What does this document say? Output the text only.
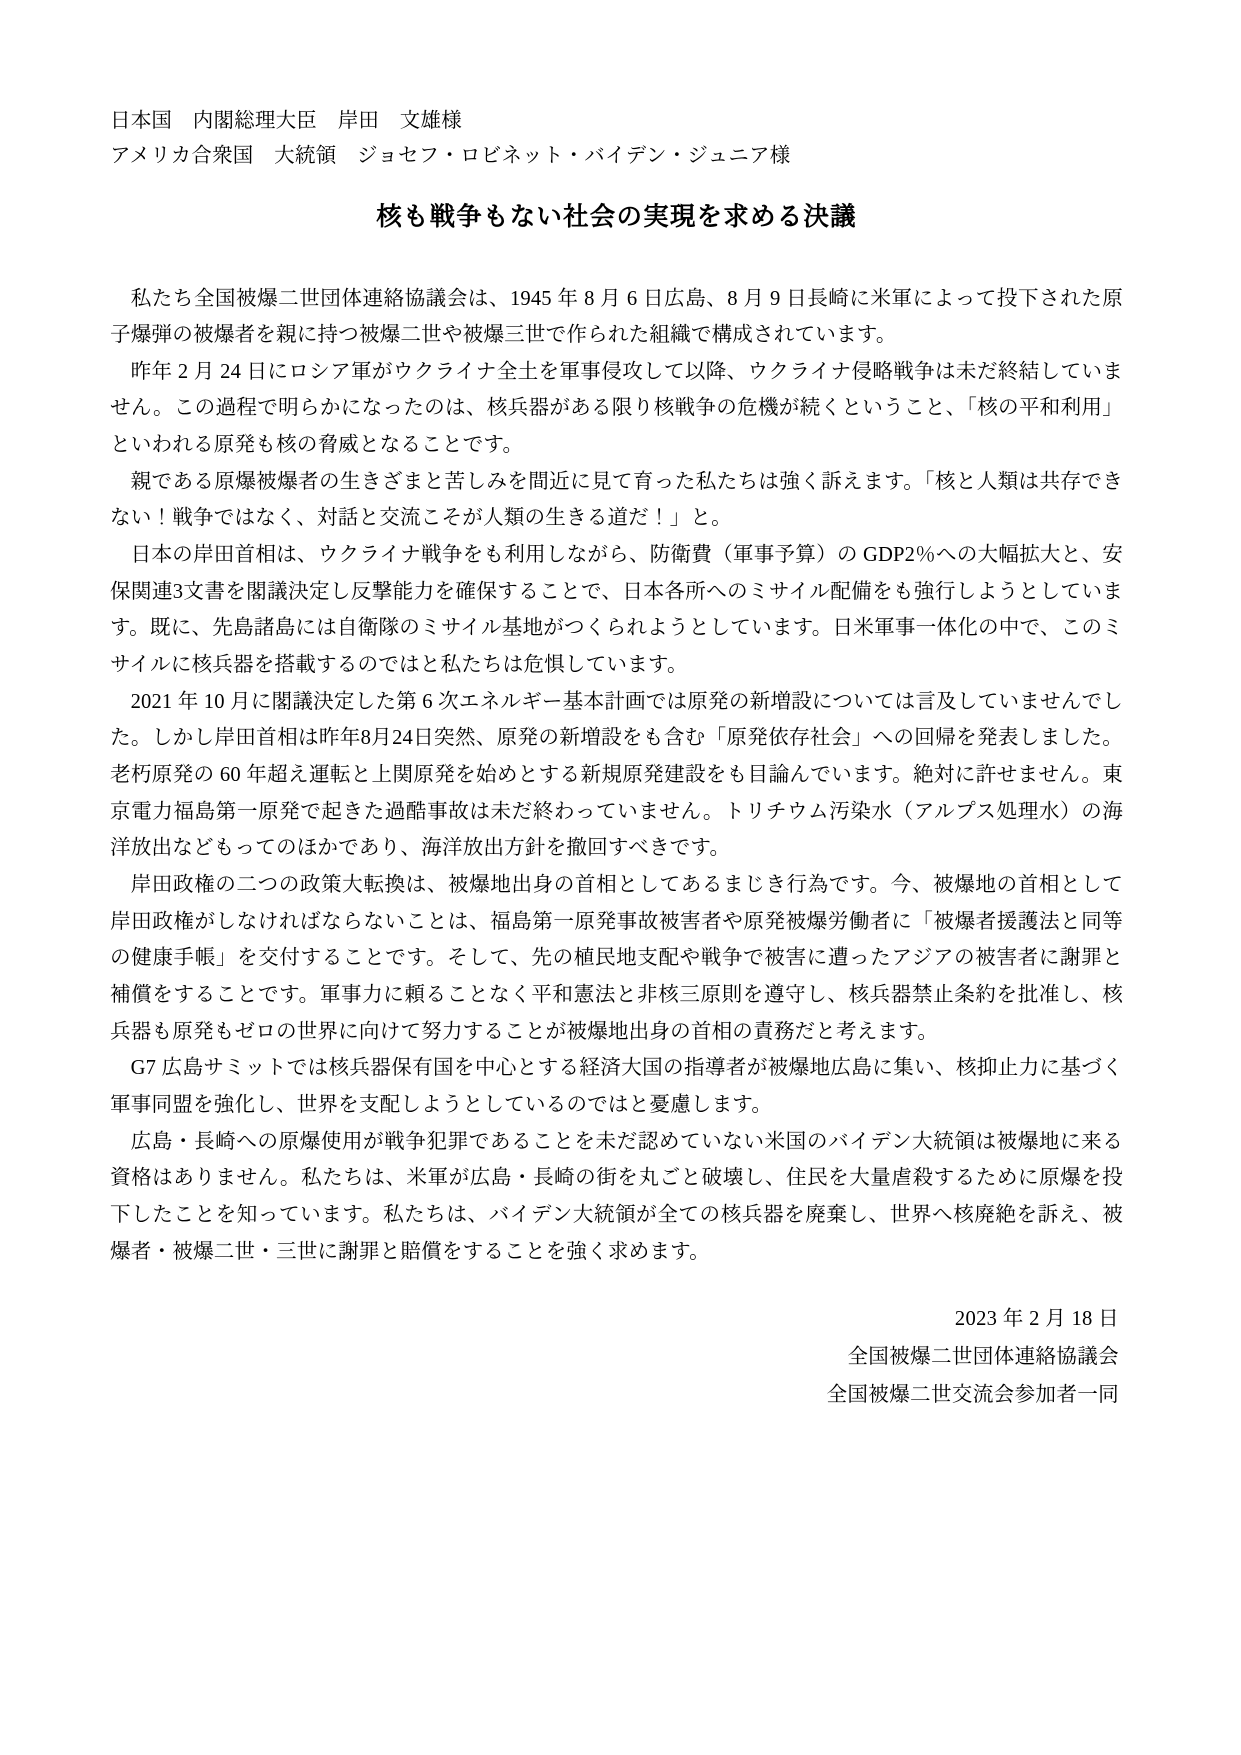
日本国　内閣総理大臣　岸田　文雄様
アメリカ合衆国　大統領　ジョセフ・ロビネット・バイデン・ジュニア様
核も戦争もない社会の実現を求める決議

私たち全国被爆二世団体連絡協議会は、1945 年 8 月 6 日広島、8 月 9 日長崎に米軍によって投下された原子爆弾の被爆者を親に持つ被爆二世や被爆三世で作られた組織で構成されています。

昨年 2 月 24 日にロシア軍がウクライナ全土を軍事侵攻して以降、ウクライナ侵略戦争は未だ終結していません。この過程で明らかになったのは、核兵器がある限り核戦争の危機が続くということ、「核の平和利用」といわれる原発も核の脅威となることです。

親である原爆被爆者の生きざまと苦しみを間近に見て育った私たちは強く訴えます。「核と人類は共存できない！戦争ではなく、対話と交流こそが人類の生きる道だ！」と。

日本の岸田首相は、ウクライナ戦争をも利用しながら、防衛費（軍事予算）の GDP2％への大幅拡大と、安保関連3文書を閣議決定し反撃能力を確保することで、日本各所へのミサイル配備をも強行しようとしています。既に、先島諸島には自衛隊のミサイル基地がつくられようとしています。日米軍事一体化の中で、このミサイルに核兵器を搭載するのではと私たちは危惧しています。

2021 年 10 月に閣議決定した第 6 次エネルギー基本計画では原発の新増設については言及していませんでした。しかし岸田首相は昨年8月24日突然、原発の新増設をも含む「原発依存社会」への回帰を発表しました。老朽原発の 60 年超え運転と上関原発を始めとする新規原発建設をも目論んでいます。絶対に許せません。東京電力福島第一原発で起きた過酷事故は未だ終わっていません。トリチウム汚染水（アルプス処理水）の海洋放出などもってのほかであり、海洋放出方針を撤回すべきです。

岸田政権の二つの政策大転換は、被爆地出身の首相としてあるまじき行為です。今、被爆地の首相として岸田政権がしなければならないことは、福島第一原発事故被害者や原発被爆労働者に「被爆者援護法と同等の健康手帳」を交付することです。そして、先の植民地支配や戦争で被害に遭ったアジアの被害者に謝罪と補償をすることです。軍事力に頼ることなく平和憲法と非核三原則を遵守し、核兵器禁止条約を批准し、核兵器も原発もゼロの世界に向けて努力することが被爆地出身の首相の責務だと考えます。

G7 広島サミットでは核兵器保有国を中心とする経済大国の指導者が被爆地広島に集い、核抑止力に基づく軍事同盟を強化し、世界を支配しようとしているのではと憂慮します。

広島・長崎への原爆使用が戦争犯罪であることを未だ認めていない米国のバイデン大統領は被爆地に来る資格はありません。私たちは、米軍が広島・長崎の街を丸ごと破壊し、住民を大量虐殺するために原爆を投下したことを知っています。私たちは、バイデン大統領が全ての核兵器を廃棄し、世界へ核廃絶を訴え、被爆者・被爆二世・三世に謝罪と賠償をすることを強く求めます。

2023 年 2 月 18 日
全国被爆二世団体連絡協議会
全国被爆二世交流会参加者一同
